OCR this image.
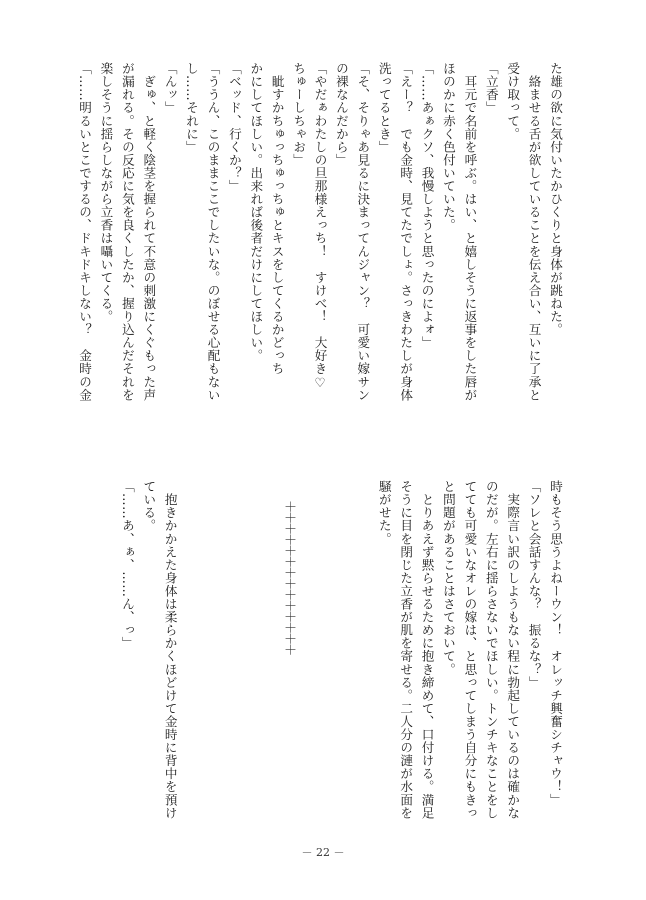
た雄の欲に気付いたかひくりと身体が跳ねた。
　絡ませる舌が欲していることを伝え合い、互いに了承と
受け取って。
「立香」
　耳元で名前を呼ぶ。はい、と嬉しそうに返事をした唇が
ほのかに赤く色付いていた。
「……あぁクソ、我慢しようと思ったのによォ」
「えー？　でも金時、見てたでしょ。さっきわたしが身体
洗ってるとき」
「そ、そりゃあ見るに決まってんジャン？　可愛い嫁サン
の裸なんだから」
「やだぁわたしの旦那様えっち！　すけべ！　大好き♡
ちゅーしちゃお」
　眦すかちゅっちゅっちゅとキスをしてくるかどっち
かにしてほしい。出来れば後者だけにしてほしい。
「ベッド、行くか？」
「ううん、このままここでしたいな。のぼせる心配もない
し……それに」
「んッ」
　ぎゅ、と軽く陰茎を握られて不意の刺激にくぐもった声
が漏れる。その反応に気を良くしたか、握り込んだそれを
楽しそうに揺らしながら立香は囁いてくる。
「……明るいとこでするの、ドキドキしない？　金時の金
＋＋＋＋＋＋＋＋＋＋＋＋＋＋	時もそう思うよねーウン！　オレッチ興奮シチャウ！」
「ソレと会話すんな？　振るな？」
　実際言い訳のしようもない程に勃起しているのは確かな
のだが。左右に揺らさないでほしい。トンチキなことをし
てても可愛いなオレの嫁は、と思ってしまう自分にもきっ
と問題があることはさておいて。
　とりあえず黙らせるために抱き締めて、口付ける。満足
そうに目を閉じた立香が肌を寄せる。二人分の漣が水面を
騒がせた。

　抱きかかえた身体は柔らかくほどけて金時に背中を預け
ている。
「……あ、ぁ、……ん、っ」
－ 22 －
